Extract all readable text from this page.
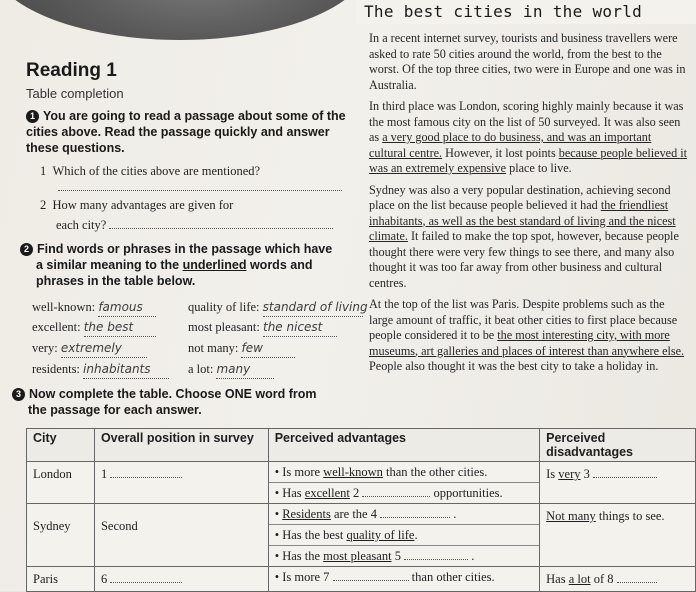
The best cities in the world
Reading 1
Table completion
1 You are going to read a passage about some of the cities above. Read the passage quickly and answer these questions.
1 Which of the cities above are mentioned?
2 How many advantages are given for
each city?
2 Find words or phrases in the passage which have
a similar meaning to the underlined words and
phrases in the table below.
well-known: famous	quality of life: standard of living
excellent: the best	most pleasant: the nicest
very: extremely	not many: few
residents: inhabitants	a lot: many
3 Now complete the table. Choose ONE word from
the passage for each answer.

In a recent internet survey, tourists and business travellers were asked to rate 50 cities around the world, from the best to the worst. Of the top three cities, two were in Europe and one was in Australia.

In third place was London, scoring highly mainly because it was the most famous city on the list of 50 surveyed. It was also seen as a very good place to do business, and was an important cultural centre. However, it lost points because people believed it was an extremely expensive place to live.

Sydney was also a very popular destination, achieving second place on the list because people believed it had the friendliest inhabitants, as well as the best standard of living and the nicest climate. It failed to make the top spot, however, because people thought there were very few things to see there, and many also thought it was too far away from other business and cultural centres.

At the top of the list was Paris. Despite problems such as the large amount of traffic, it beat other cities to first place because people considered it to be the most interesting city, with more museums, art galleries and places of interest than anywhere else. People also thought it was the best city to take a holiday in.

City	Overall position in survey	Perceived advantages	Perceived disadvantages

London	1	• Is more well-known than the other cities.
• Has excellent 2 opportunities.	Is very 3

Sydney	Second	• Residents are the 4 .
• Has the best quality of life.
• Has the most pleasant 5 .	Not many things to see.

Paris	6	• Is more 7 than other cities.	Has a lot of 8
